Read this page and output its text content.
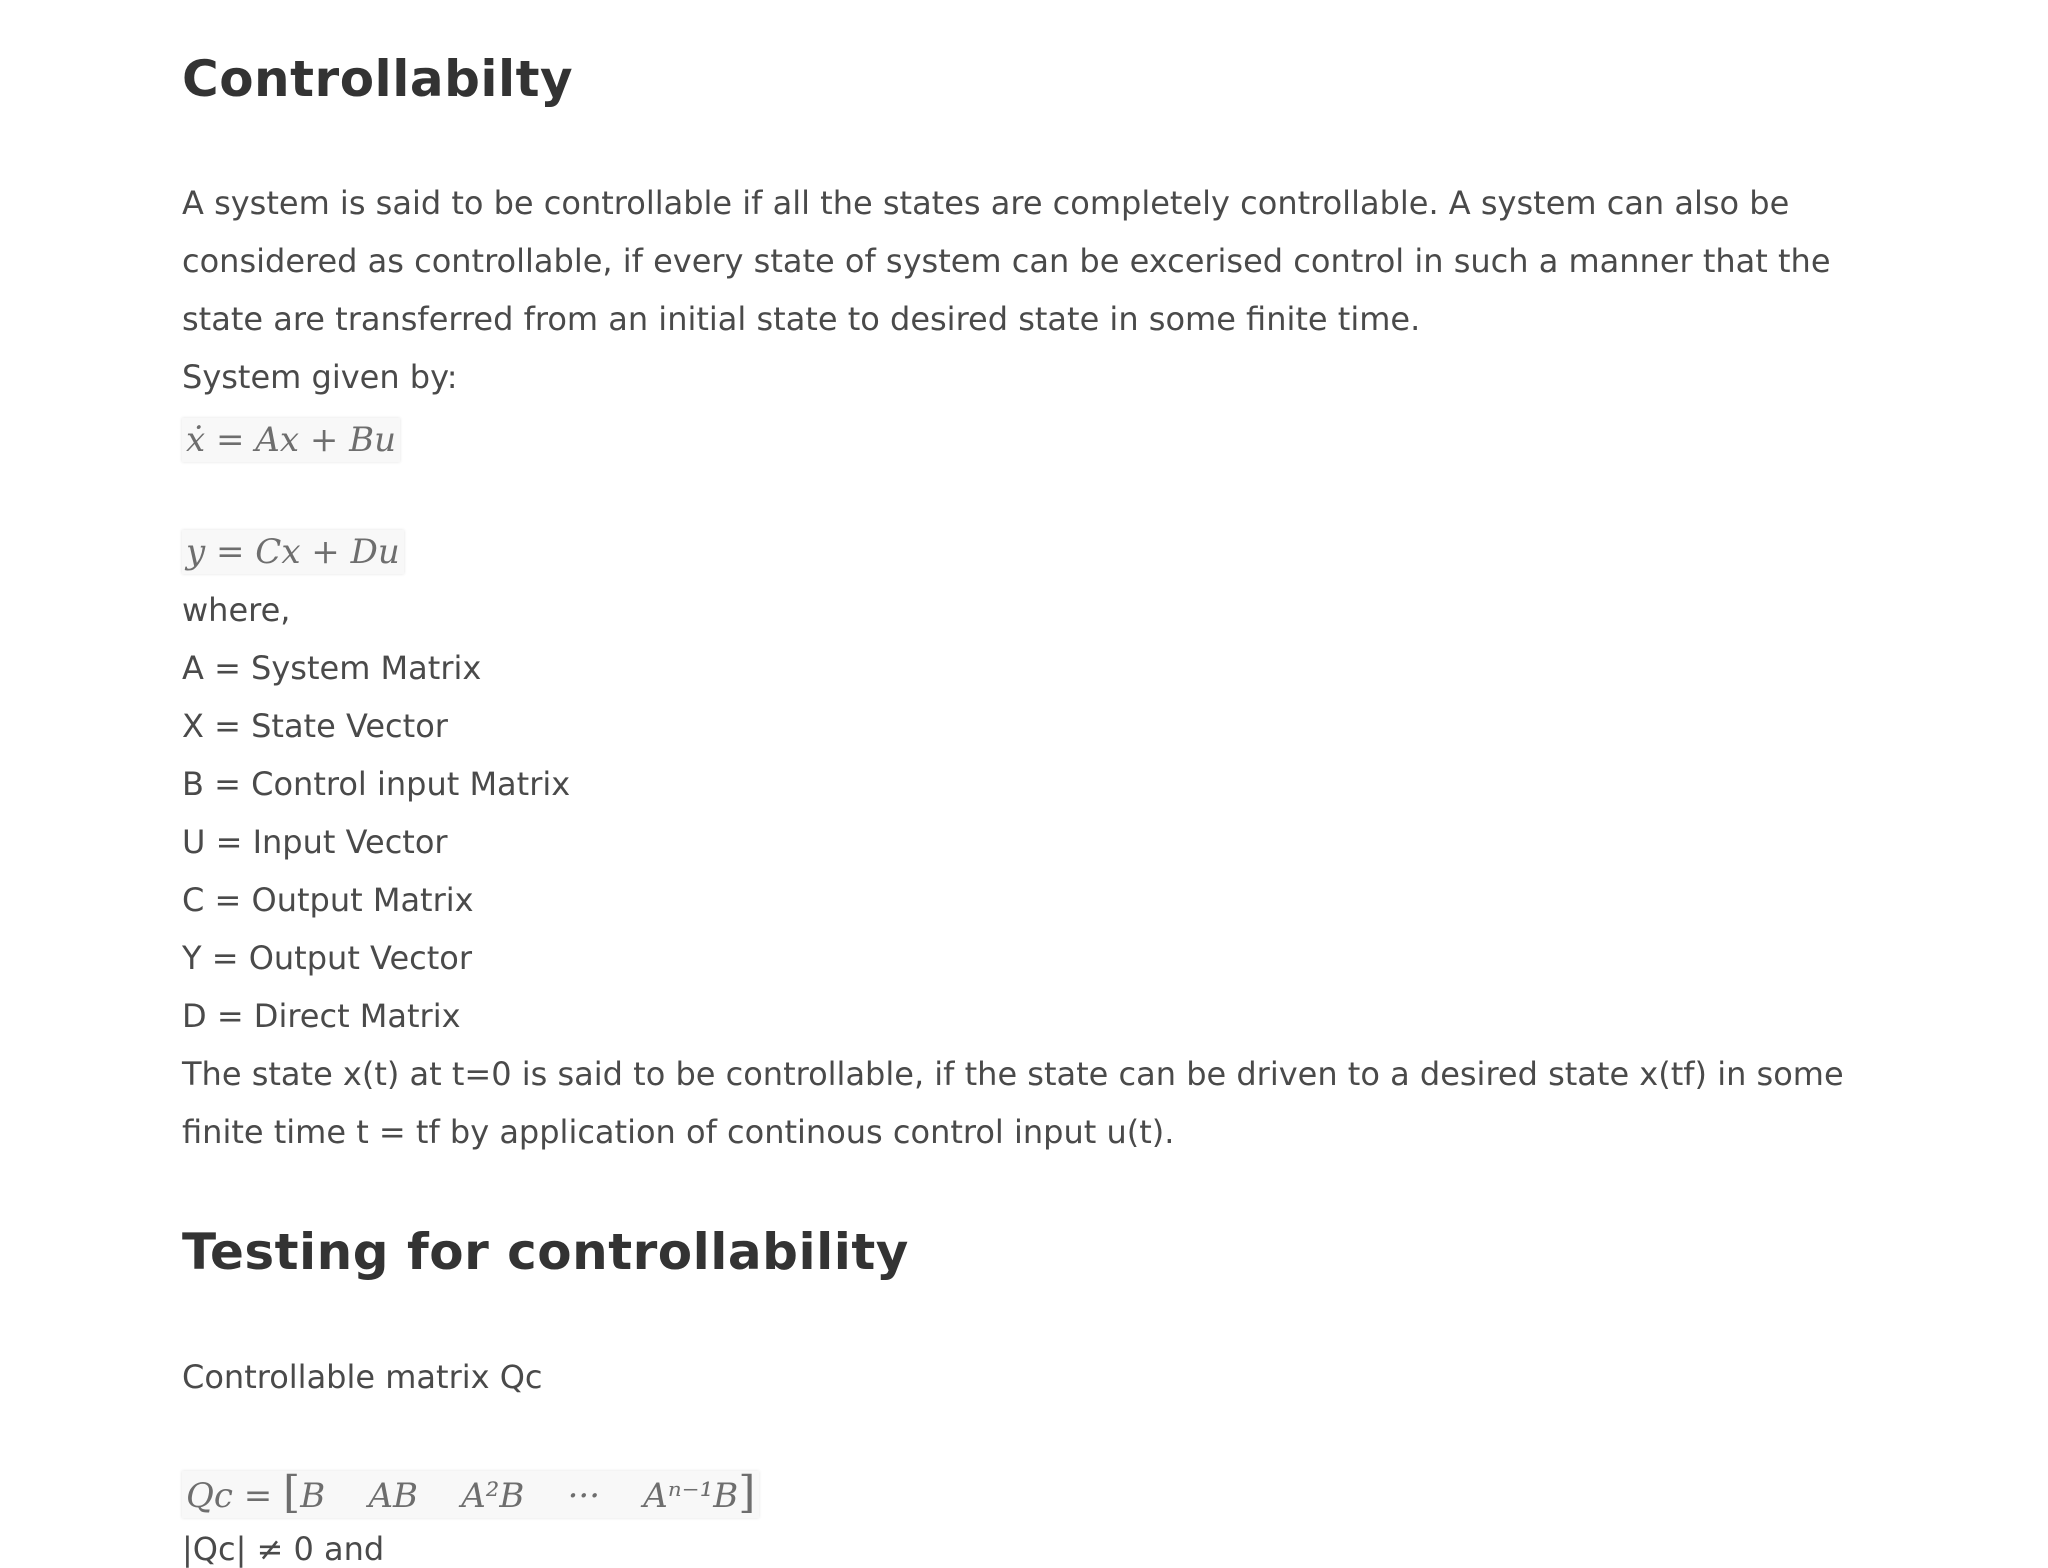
Controllabilty

A system is said to be controllable if all the states are completely controllable. A system can also be considered as controllable, if every state of system can be excerised control in such a manner that the state are transferred from an initial state to desired state in some finite time.
System given by:

ẋ = Ax + Bu
y = Cx + Du
where,
A = System Matrix
X = State Vector
B = Control input Matrix
U = Input Vector
C = Output Matrix
Y = Output Vector
D = Direct Matrix

The state x(t) at t=0 is said to be controllable, if the state can be driven to a desired state x(tf) in some finite time t = tf by application of continous control input u(t).

Testing for controllability
Controllable matrix Qc
Qc = [B AB A²B ··· Aⁿ⁻¹B]
|Qc| ≠ 0 and
